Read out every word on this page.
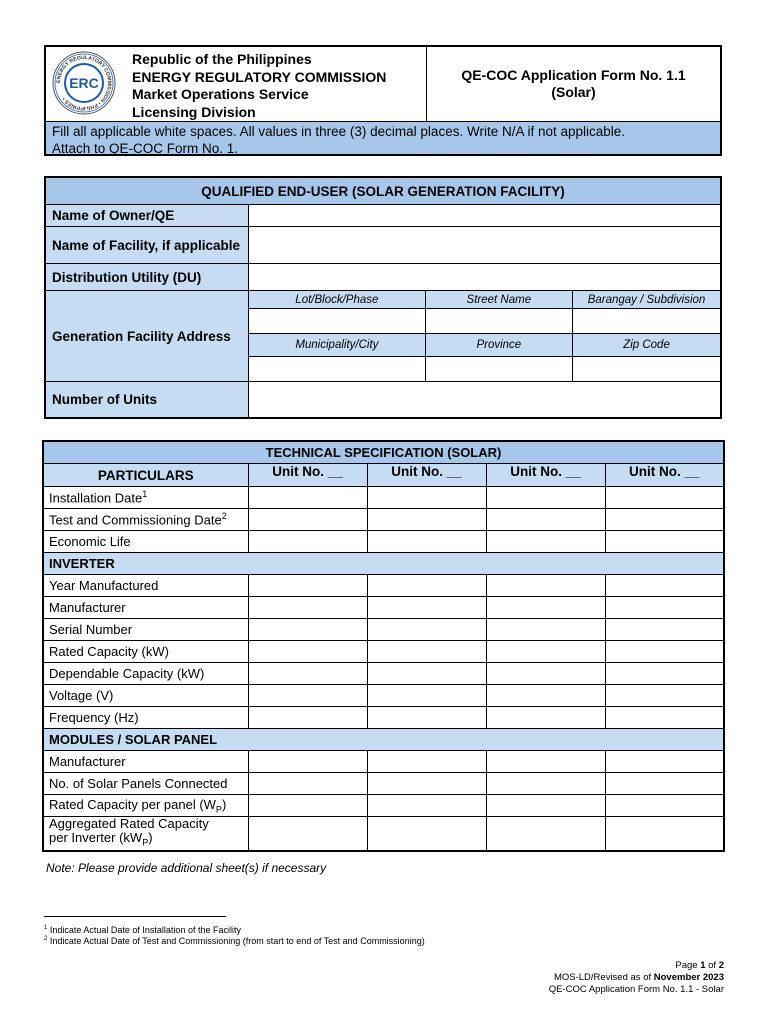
ENERGY REGULATORY COMMISSION • PHILIPPINES •
ERC
Republic of the Philippines
ENERGY REGULATORY COMMISSION
Market Operations Service
Licensing Division
QE-COC Application Form No. 1.1
(Solar)
Fill all applicable white spaces. All values in three (3) decimal places. Write N/A if not applicable.
Attach to QE-COC Form No. 1.
QUALIFIED END-USER (SOLAR GENERATION FACILITY)			
Name of Owner/QE			
Name of Facility, if applicable			
Distribution Utility (DU)			
Generation Facility Address	Lot/Block/Phase	Street Name	Barangay / Subdivision

	Municipality/City	Province	Zip Code

Number of Units			
TECHNICAL SPECIFICATION (SOLAR)				
PARTICULARS	Unit No. __	Unit No. __	Unit No. __	Unit No. __
Installation Date$^1$				
Test and Commissioning Date$^2$				
Economic Life				
INVERTER				
Year Manufactured				
Manufacturer				
Serial Number				
Rated Capacity (kW)				
Dependable Capacity (kW)				
Voltage (V)				
Frequency (Hz)				
MODULES / SOLAR PANEL				
Manufacturer				
No. of Solar Panels Connected				
Rated Capacity per panel $(W_P)$				

Aggregated Rated Capacity
per Inverter $(kW_P)$				

Note: Please provide additional sheet(s) if necessary
$^1$ Indicate Actual Date of Installation of the Facility
$^2$ Indicate Actual Date of Test and Commissioning (from start to end of Test and Commissioning)
Page 1 of 2
MOS-LD/Revised as of November 2023
QE-COC Application Form No. 1.1 - Solar
